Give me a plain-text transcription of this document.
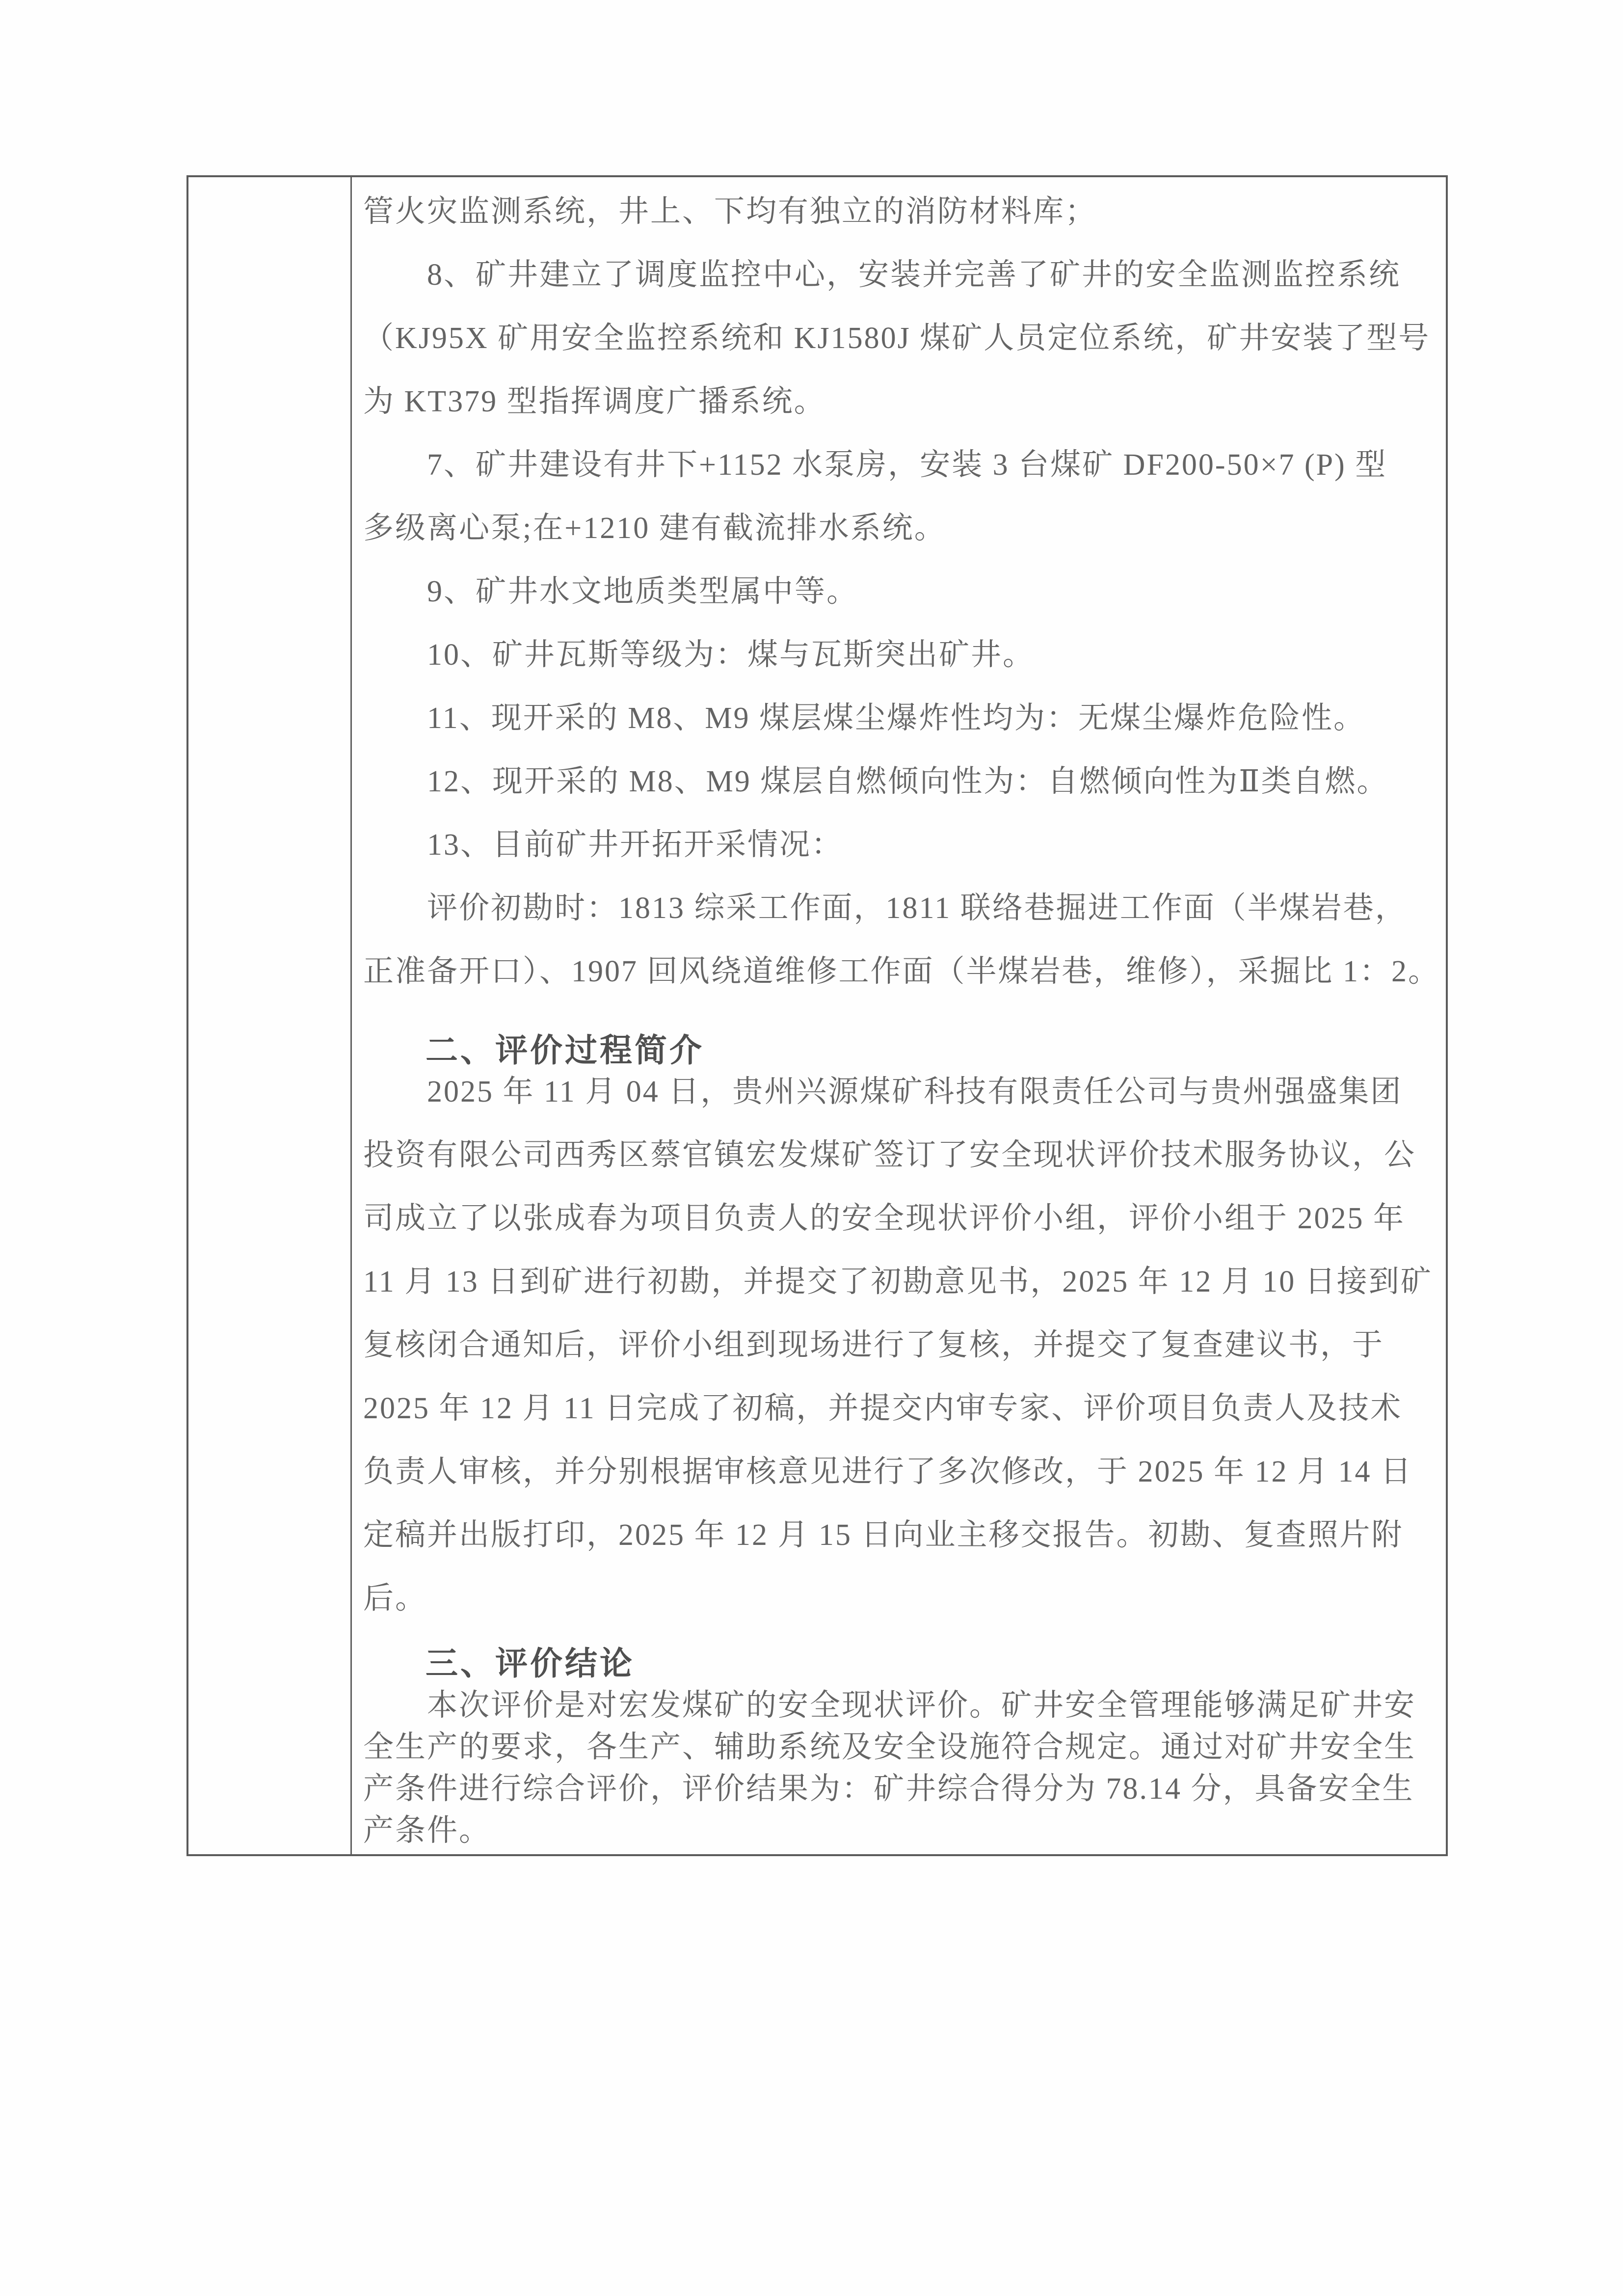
管火灾监测系统，井上、下均有独立的消防材料库；
8、矿井建立了调度监控中心，安装并完善了矿井的安全监测监控系统
（KJ95X 矿用安全监控系统和 KJ1580J 煤矿人员定位系统，矿井安装了型号
为 KT379 型指挥调度广播系统。
7、矿井建设有井下+1152 水泵房，安装 3 台煤矿 DF200-50×7 (P) 型
多级离心泵;在+1210 建有截流排水系统。
9、矿井水文地质类型属中等。
10、矿井瓦斯等级为：煤与瓦斯突出矿井。
11、现开采的 M8、M9 煤层煤尘爆炸性均为：无煤尘爆炸危险性。
12、现开采的 M8、M9 煤层自燃倾向性为：自燃倾向性为Ⅱ类自燃。
13、目前矿井开拓开采情况：
评价初勘时：1813 综采工作面，1811 联络巷掘进工作面（半煤岩巷，
正准备开口）、1907 回风绕道维修工作面（半煤岩巷，维修），采掘比 1：2。
二、评价过程简介
2025 年 11 月 04 日，贵州兴源煤矿科技有限责任公司与贵州强盛集团
投资有限公司西秀区蔡官镇宏发煤矿签订了安全现状评价技术服务协议，公
司成立了以张成春为项目负责人的安全现状评价小组，评价小组于 2025 年
11 月 13 日到矿进行初勘，并提交了初勘意见书，2025 年 12 月 10 日接到矿
复核闭合通知后，评价小组到现场进行了复核，并提交了复查建议书，于
2025 年 12 月 11 日完成了初稿，并提交内审专家、评价项目负责人及技术
负责人审核，并分别根据审核意见进行了多次修改，于 2025 年 12 月 14 日
定稿并出版打印，2025 年 12 月 15 日向业主移交报告。初勘、复查照片附
后。
三、评价结论
本次评价是对宏发煤矿的安全现状评价。矿井安全管理能够满足矿井安
全生产的要求，各生产、辅助系统及安全设施符合规定。通过对矿井安全生
产条件进行综合评价，评价结果为：矿井综合得分为 78.14 分，具备安全生
产条件。
